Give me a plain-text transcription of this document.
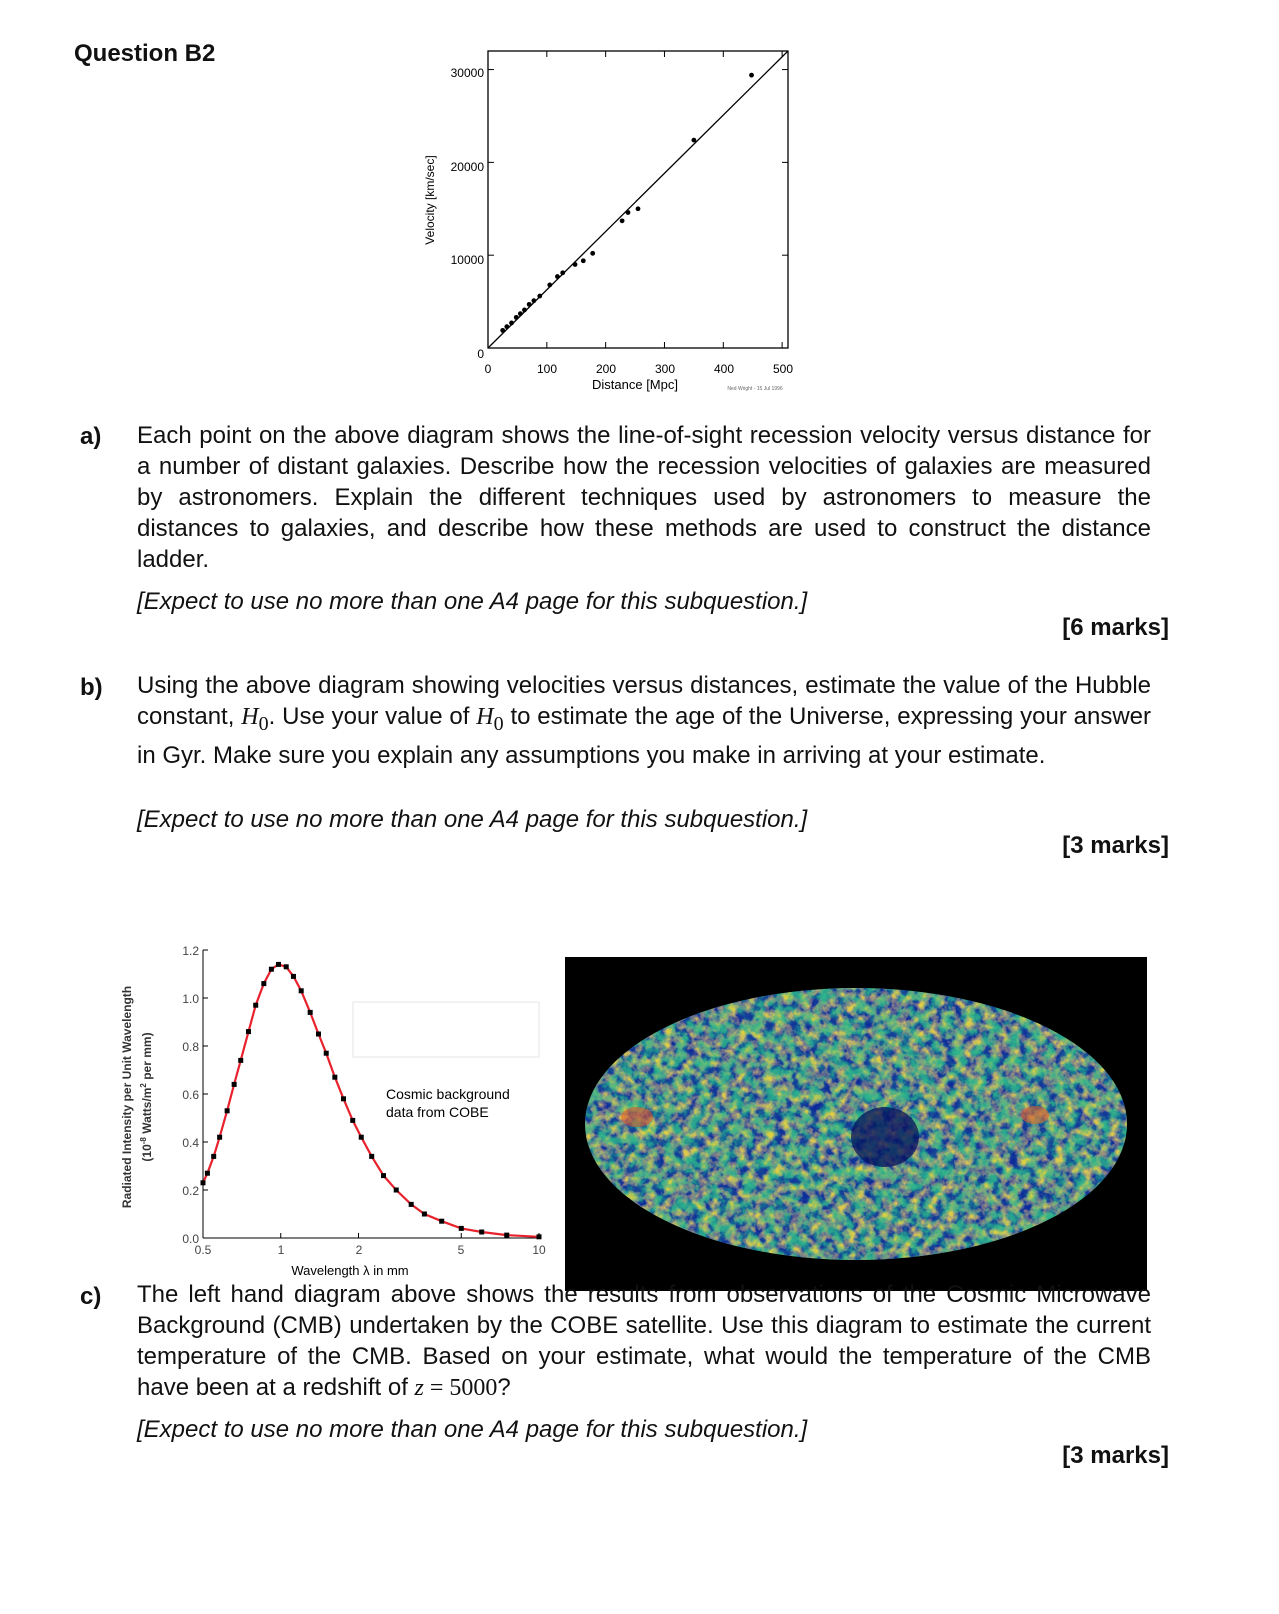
Question B2
0	100	200	300	400	500
0
10000
20000
30000
Distance [Mpc]
Velocity [km/sec]
Ned Wright - 15 Jul 1996
a) Each point on the above diagram shows the line-of-sight recession velocity versus distance for a number of distant galaxies. Describe how the recession velocities of galaxies are measured by astronomers. Explain the different techniques used by astronomers to measure the distances to galaxies, and describe how these methods are used to construct the distance ladder.
[Expect to use no more than one A4 page for this subquestion.]
[6 marks]
b) Using the above diagram showing velocities versus distances, estimate the value of the Hubble constant, $H_0$. Use your value of $H_0$ to estimate the age of the Universe, expressing your answer in Gyr. Make sure you explain any assumptions you make in arriving at your estimate.
[Expect to use no more than one A4 page for this subquestion.]
[3 marks]
0.0
0.2
0.4
0.6
0.8
1.0
1.2
0.5	1	2	5	10
Wavelength λ in mm
Cosmic background
data from COBE
Radiated Intensity per Unit Wavelength ($10^{-8}$ Watts/$m^2$ per mm)
c) The left hand diagram above shows the results from observations of the Cosmic Microwave Background (CMB) undertaken by the COBE satellite. Use this diagram to estimate the current temperature of the CMB. Based on your estimate, what would the temperature of the CMB have been at a redshift of z = 5000?
[Expect to use no more than one A4 page for this subquestion.]
[3 marks]
